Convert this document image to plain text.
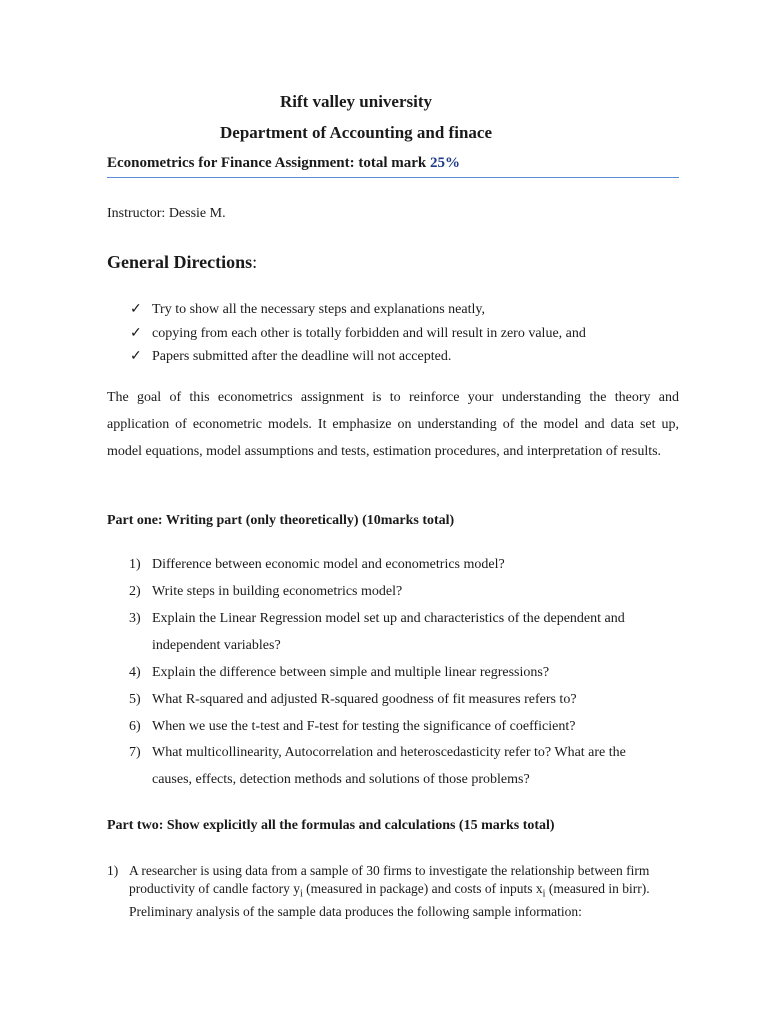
Rift valley university
Department of Accounting and finace
Econometrics for Finance Assignment: total mark 25%
Instructor: Dessie M.
General Directions:
✓ Try to show all the necessary steps and explanations neatly,
✓ copying from each other is totally forbidden and will result in zero value, and
✓ Papers submitted after the deadline will not accepted.
The goal of this econometrics assignment is to reinforce your understanding the theory and application of econometric models. It emphasize on understanding of the model and data set up, model equations, model assumptions and tests, estimation procedures, and interpretation of results.
Part one: Writing part (only theoretically) (10marks total)
1) Difference between economic model and econometrics model?
2) Write steps in building econometrics model?
3) Explain the Linear Regression model set up and characteristics of the dependent and
independent variables?
4) Explain the difference between simple and multiple linear regressions?
5) What R-squared and adjusted R-squared goodness of fit measures refers to?
6) When we use the t-test and F-test for testing the significance of coefficient?
7) What multicollinearity, Autocorrelation and heteroscedasticity refer to? What are the
causes, effects, detection methods and solutions of those problems?
Part two: Show explicitly all the formulas and calculations (15 marks total)
1) A researcher is using data from a sample of 30 firms to investigate the relationship between firm
productivity of candle factory $y_i$ (measured in package) and costs of inputs $x_i$ (measured in birr).
Preliminary analysis of the sample data produces the following sample information:
